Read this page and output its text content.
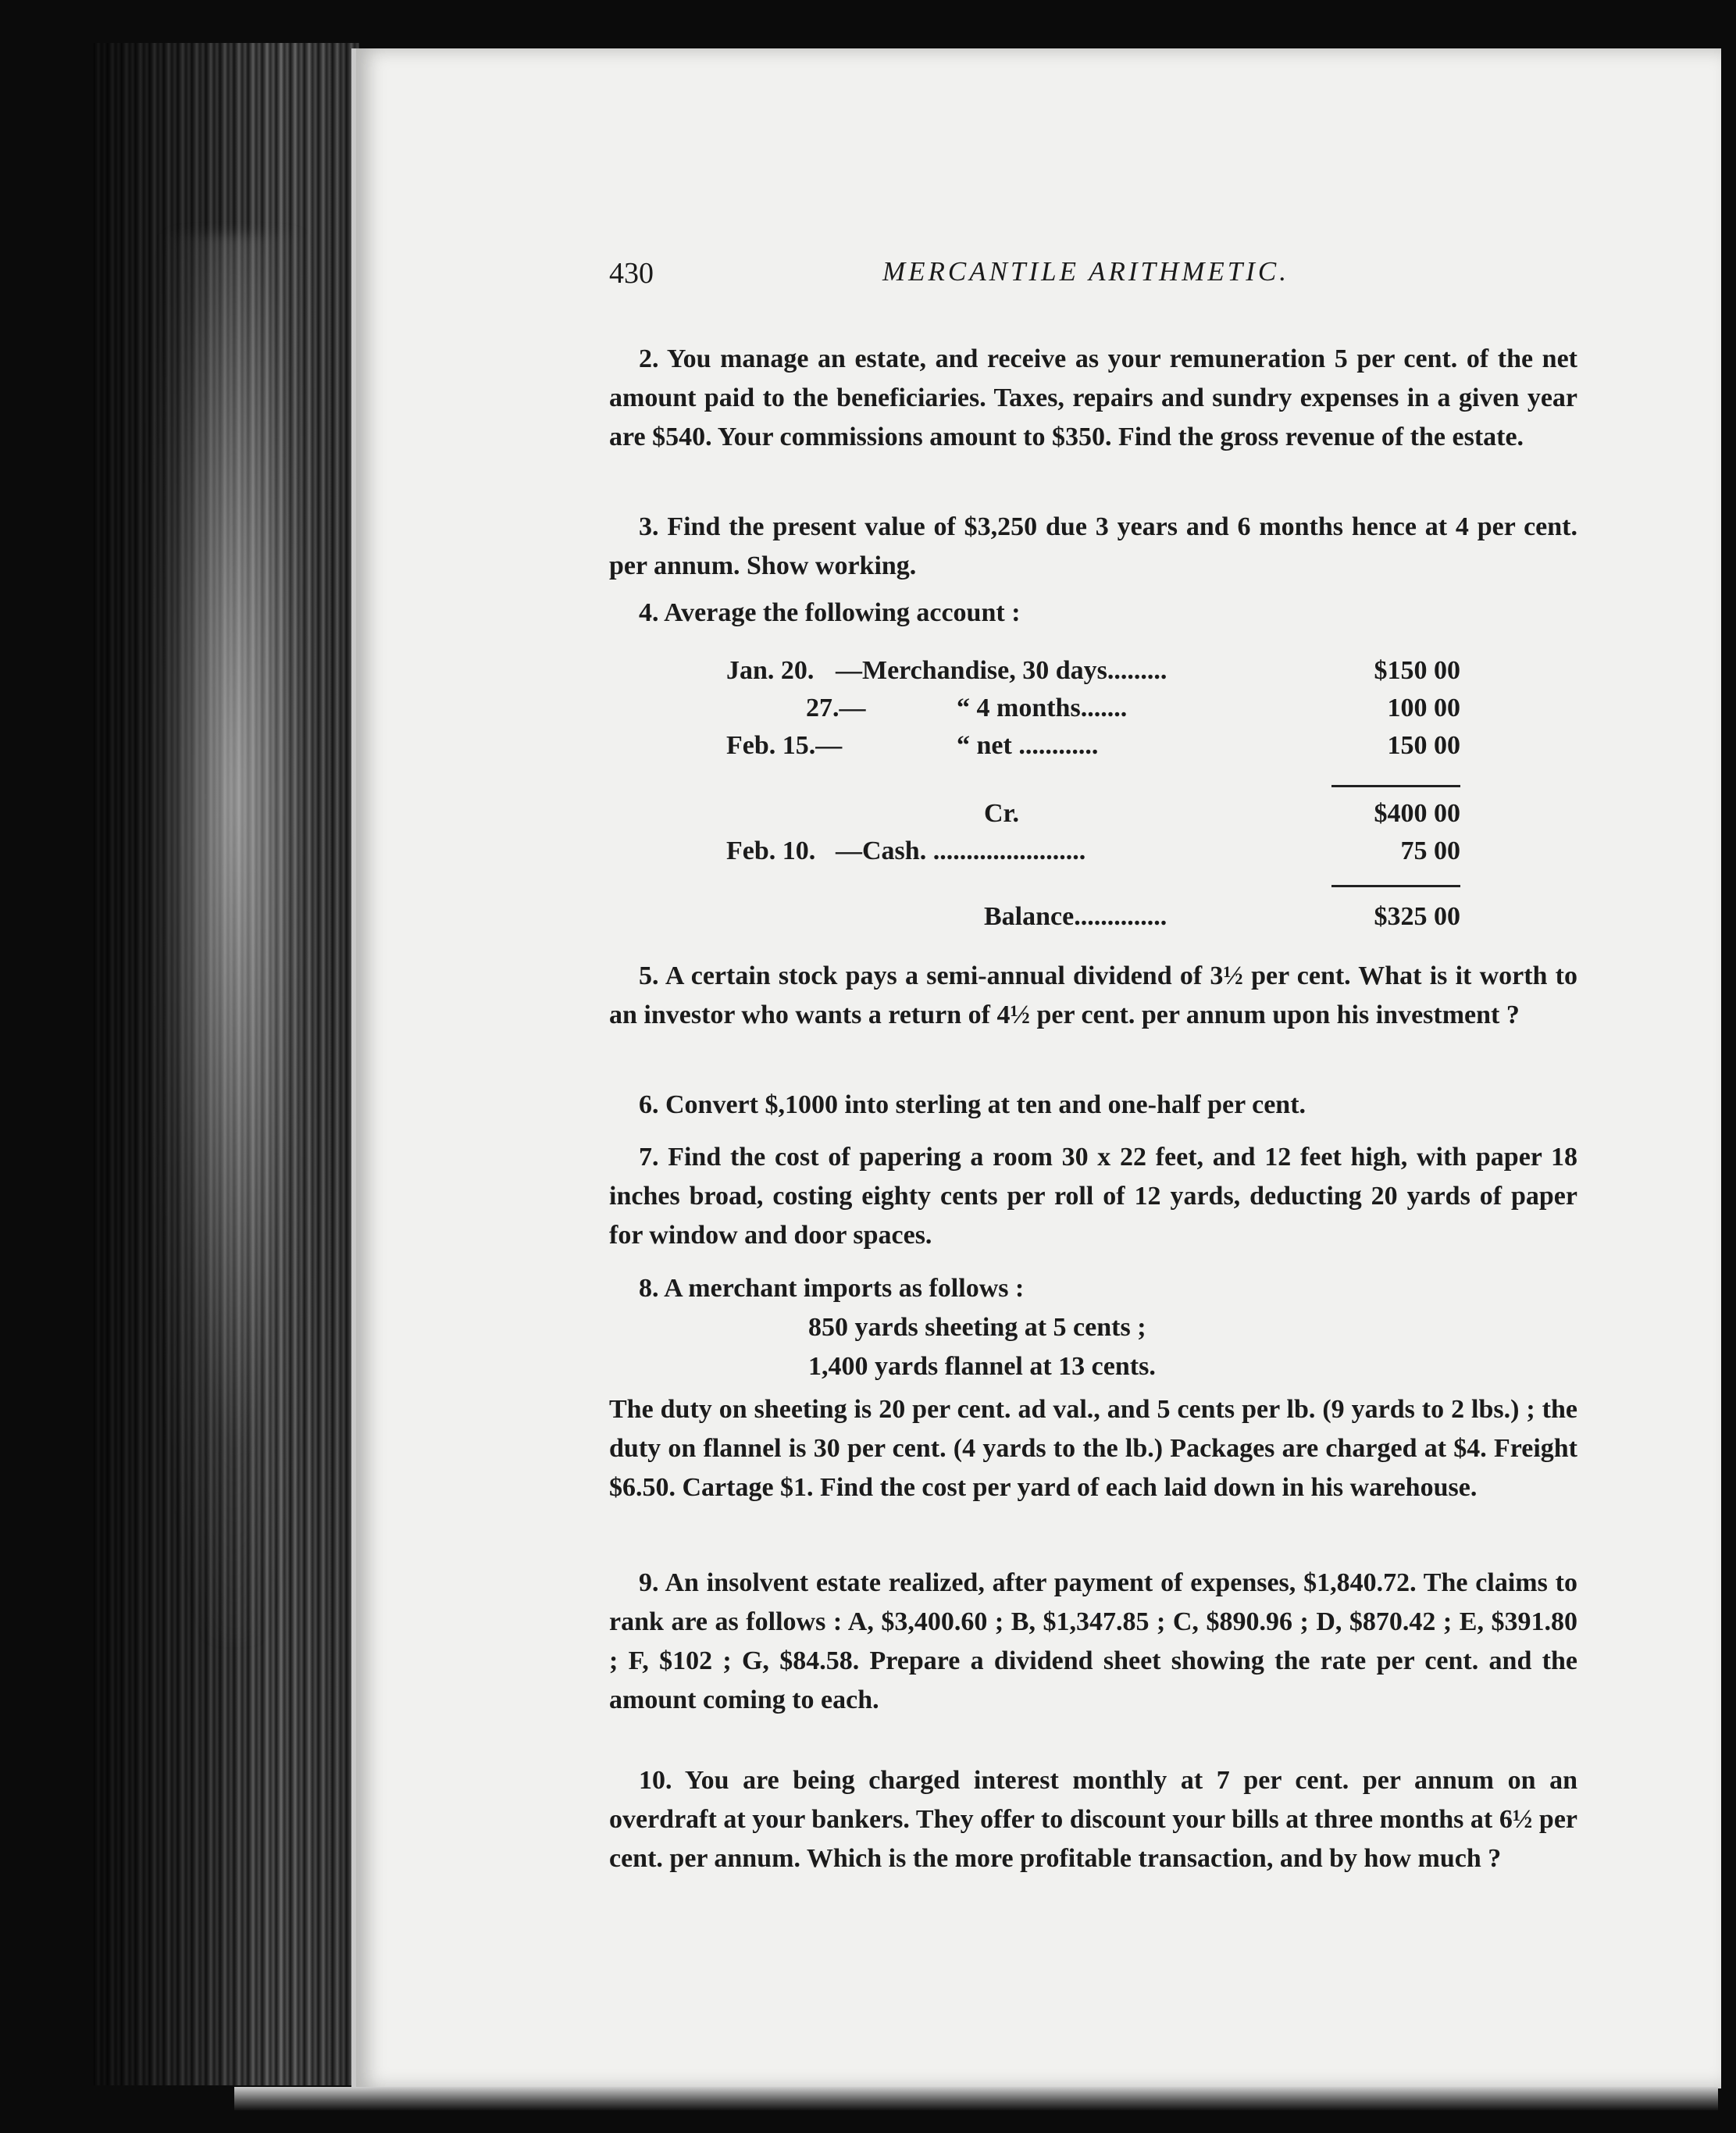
430	MERCANTILE ARITHMETIC.
2. You manage an estate, and receive as your remuneration 5 per cent. of the net amount paid to the beneficiaries. Taxes, repairs and sundry expenses in a given year are $540. Your commissions amount to $350. Find the gross revenue of the estate.
3. Find the present value of $3,250 due 3 years and 6 months hence at 4 per cent. per annum. Show working.
4. Average the following account :
Jan. 20. —Merchandise, 30 days.........	$150 00
27.—	“ 4 months.......	100 00
Feb. 15.—	“ net ............	150 00
Cr.	$400 00
Feb. 10. —Cash. .......................	75 00
Balance..............	$325 00
5. A certain stock pays a semi-annual dividend of 3½ per cent. What is it worth to an investor who wants a return of 4½ per cent. per annum upon his investment ?
6. Convert $,1000 into sterling at ten and one-half per cent.
7. Find the cost of papering a room 30 x 22 feet, and 12 feet high, with paper 18 inches broad, costing eighty cents per roll of 12 yards, deducting 20 yards of paper for window and door spaces.
8. A merchant imports as follows :
850 yards sheeting at 5 cents ;
1,400 yards flannel at 13 cents.
The duty on sheeting is 20 per cent. ad val., and 5 cents per lb. (9 yards to 2 lbs.) ; the duty on flannel is 30 per cent. (4 yards to the lb.) Packages are charged at $4. Freight $6.50. Cartage $1. Find the cost per yard of each laid down in his warehouse.
9. An insolvent estate realized, after payment of expenses, $1,840.72. The claims to rank are as follows : A, $3,400.60 ; B, $1,347.85 ; C, $890.96 ; D, $870.42 ; E, $391.80 ; F, $102 ; G, $84.58. Prepare a dividend sheet showing the rate per cent. and the amount coming to each.
10. You are being charged interest monthly at 7 per cent. per annum on an overdraft at your bankers. They offer to discount your bills at three months at 6½ per cent. per annum. Which is the more profitable transaction, and by how much ?
